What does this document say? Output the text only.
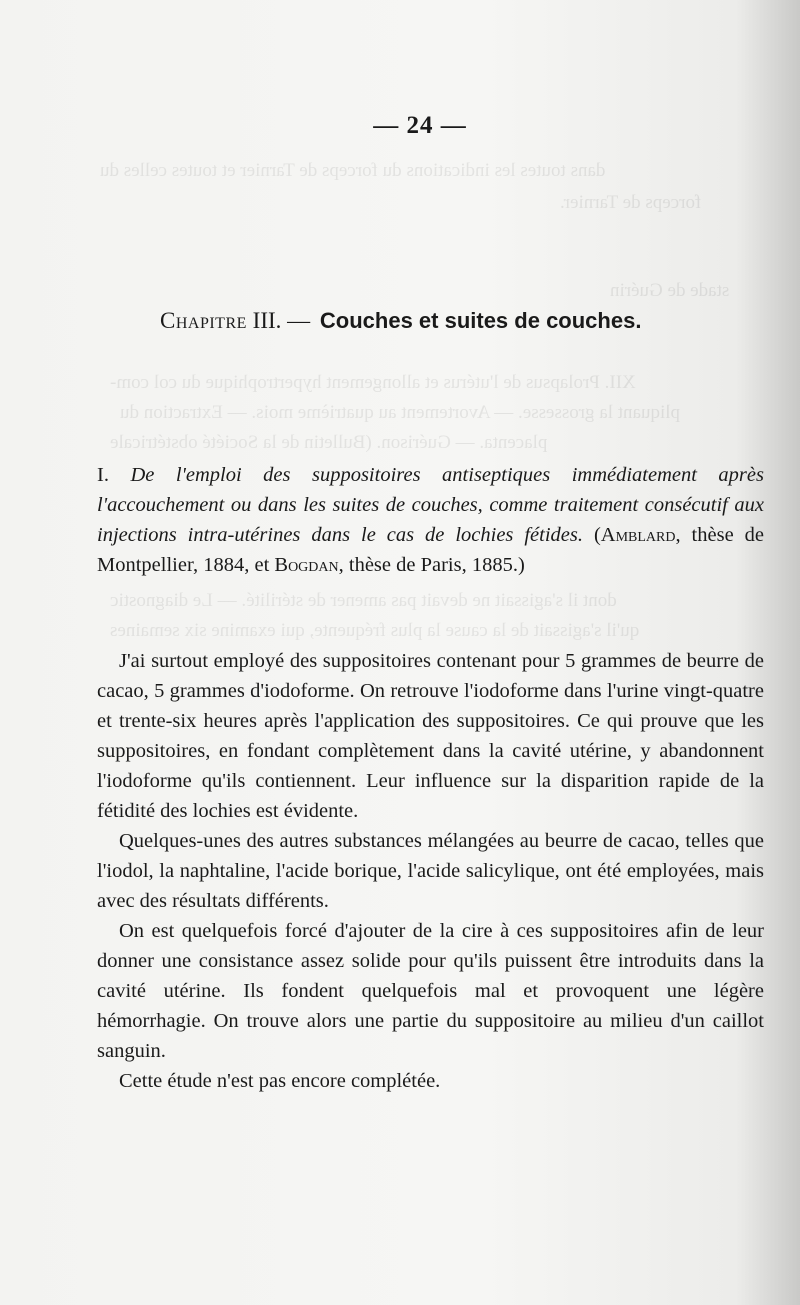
dans toutes les indications du forceps de Tarnier et toutes celles du
forceps de Tarnier.
stade de Guérin
XII. Prolapsus de l'utérus et allongement hypertrophique du col com-
pliquant la grossesse. — Avortement au quatrième mois. — Extraction du
placenta. — Guérison. (Bulletin de la Société obstétricale
dont il s'agissait ne devait pas amener de stérilité. — Le diagnostic
qu'il s'agissait de la cause la plus fréquente, qui examine six semaines
— 24 —
Chapitre III. — Couches et suites de couches.
I. De l'emploi des suppositoires antiseptiques immédiatement après l'accouchement ou dans les suites de couches, comme traitement consécutif aux injections intra-utérines dans le cas de lochies fétides. (Amblard, thèse de Montpellier, 1884, et Bogdan, thèse de Paris, 1885.)

J'ai surtout employé des suppositoires contenant pour 5 grammes de beurre de cacao, 5 grammes d'iodoforme. On retrouve l'iodoforme dans l'urine vingt-quatre et trente-six heures après l'application des suppositoires. Ce qui prouve que les suppositoires, en fondant complètement dans la cavité utérine, y abandonnent l'iodoforme qu'ils contiennent. Leur influence sur la disparition rapide de la fétidité des lochies est évidente.

Quelques-unes des autres substances mélangées au beurre de cacao, telles que l'iodol, la naphtaline, l'acide borique, l'acide salicylique, ont été employées, mais avec des résultats différents.

On est quelquefois forcé d'ajouter de la cire à ces suppositoires afin de leur donner une consistance assez solide pour qu'ils puissent être introduits dans la cavité utérine. Ils fondent quelquefois mal et provoquent une légère hémorrhagie. On trouve alors une partie du suppositoire au milieu d'un caillot sanguin.

Cette étude n'est pas encore complétée.
